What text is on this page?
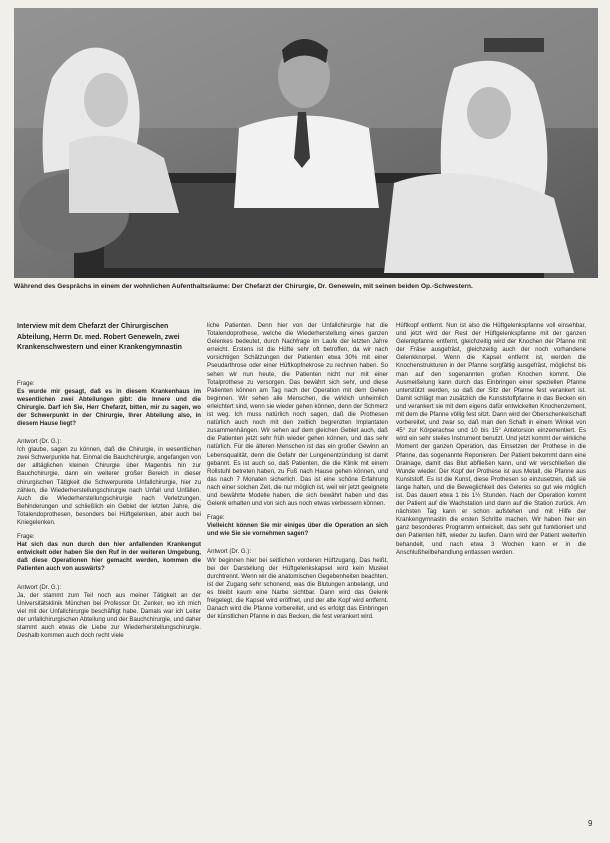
Während des Gesprächs in einem der wohnlichen Aufenthaltsräume: Der Chefarzt der Chirurgie, Dr. Geneweln, mit seinen beiden Op.-Schwestern.

Interview mit dem Chefarzt der Chirurgischen Abteilung, Herrn Dr. med. Robert Geneweln, zwei Krankenschwestern und einer Krankengymnastin

Frage:

Es wurde mir gesagt, daß es in diesem Krankenhaus im wesentlichen zwei Abteilungen gibt: die Innere und die Chirurgie. Darf ich Sie, Herr Chefarzt, bitten, mir zu sagen, wo der Schwerpunkt in der Chirurgie, Ihrer Abteilung also, in diesem Hause liegt?

Antwort (Dr. G.):

Ich glaube, sagen zu können, daß die Chirurgie, in wesentlichen zwei Schwerpunkte hat. Einmal die Bauchchirurgie, angefangen von der alltäglichen kleinen Chirurgie über Magenbis hin zur Bauchchirurgie, dann ein weiterer großer Bereich in dieser chirurgischen Tätigkeit die Schwerpunkte Unfallchirurgie, hier zu zählen, die Wiederherstellungschirurgie nach Unfall und Unfällen. Auch die Wiederherstellungschirurgie nach Verletzungen, Behinderungen und schließlich ein Gebiet der letzten Jahre, die Totalendoprothesen, besonders bei Hüftgelenken, aber auch bei Kniegelenken.

Frage:

Hat sich das nun durch den hier anfallenden Krankengut entwickelt oder haben Sie den Ruf in der weiteren Umgebung, daß diese Operationen hier gemacht werden, kommen die Patienten auch von auswärts?

Antwort (Dr. G.):

Ja, der stammt zum Teil noch aus meiner Tätigkeit an der Universitätsklinik München bei Professor Dr. Zenker, wo ich mich viel mit der Unfallchirurgie beschäftigt habe. Damals war ich Leiter der unfallchirurgischen Abteilung und der Bauchchirurgie, und daher stammt auch etwas die Liebe zur Wiederherstellungschirurgie. Deshalb kommen auch doch recht viele

liche Patienten. Denn hier von der Unfallchirurgie hat die Totalendoprothese, welche die Wiederherstellung eines ganzen Gelenkes bedeutet, durch Nachfrage im Laufe der letzten Jahre erreicht. Erstens ist die Hüfte sehr oft betroffen, da wir nach vorsichtigen Schätzungen der Patienten etwa 30% mit einer Pseudarthrose oder einer Hüftkopfnekrose zu rechnen haben. So sehen wir nun heute, die Patienten nicht nur mit einer Totalprothese zu versorgen. Das bewährt sich sehr, und diese Patienten können am Tag nach der Operation mit dem Gehen beginnen. Wir sehen alle Menschen, die wirklich unheimlich erleichtert sind, wenn sie wieder gehen können, denn der Schmerz ist weg. Ich muss natürlich noch sagen, daß die Prothesen natürlich auch noch mit den zeitlich begrenzten Implantaten zusammenhängen. Wir sehen auf dem gleichen Gebiet auch, daß die Patienten jetzt sehr früh wieder gehen können, und das sehr natürlich. Für die älteren Menschen ist das ein großer Gewinn an Lebensqualität, denn die Gefahr der Lungenentzündung ist damit gebannt. Es ist auch so, daß Patienten, die die Klinik mit einem Rollstuhl betreten haben, zu Fuß nach Hause gehen können, und das nach 7 Monaten sicherlich. Das ist eine schöne Erfahrung nach einer solchen Zeit, die nur möglich ist, weil wir jetzt geeignete und bewährte Modelle haben, die sich bewährt haben und das Gelenk erhalten und von sich aus noch etwas verbessern können.

Frage:

Vielleicht können Sie mir einiges über die Operation an sich und wie Sie sie vornehmen sagen?

Antwort (Dr. G.):

Wir beginnen hier bei seitlichen vorderen Hüftzugang. Das heißt, bei der Darstellung der Hüftgelenkskapsel wird kein Muskel durchtrennt. Wenn wir die anatomischen Gegebenheiten beachten, ist der Zugang sehr schonend, was die Blutungen anbelangt, und es bleibt kaum eine Narbe sichtbar. Dann wird das Gelenk freigelegt, die Kapsel wird eröffnet, und der alte Kopf wird entfernt. Danach wird die Pfanne vorbereitet, und es erfolgt das Einbringen der künstlichen Pfanne in das Becken, die fest verankert wird.

Hüftkopf entfernt. Nun ist also die Hüftgelenkspfanne voll einsehbar, und jetzt wird der Rest der Hüftgelenkspfanne mit der ganzen Gelenkpfanne entfernt, gleichzeitig wird der Knochen der Pfanne mit der Fräse ausgefräst, gleichzeitig auch der noch vorhandene Gelenkknorpel. Wenn die Kapsel entfernt ist, werden die Knochenstrukturen in der Pfanne sorgfältig ausgefräst, möglichst bis man auf den sogenannten großen Knochen kommt. Die Ausmeißelung kann durch das Einbringen einer speziellen Pfanne unterstützt werden, so daß der Sitz der Pfanne fest verankert ist. Damit schlägt man zusätzlich die Kunststoffpfanne in das Becken ein und verankert sie mit dem eigens dafür entwickelten Knochenzement, mit dem die Pfanne völlig fest sitzt. Dann wird der Oberschenkelschaft vorbereitet, und zwar so, daß man den Schaft in einem Winkel von 45° zur Körperachse und 10 bis 15° Antetorsion einzementiert. Es wird ein sehr steiles Instrument benutzt. Und jetzt kommt der wirkliche Moment der ganzen Operation, das Einsetzen der Prothese in die Pfanne, das sogenannte Reponieren. Der Patient bekommt dann eine Drainage, damit das Blut abfließen kann, und wir verschließen die Wunde wieder. Der Kopf der Prothese ist aus Metall, die Pfanne aus Kunststoff. Es ist die Kunst, diese Prothesen so einzusetzen, daß sie lange halten, und die Beweglichkeit des Gelenks so gut wie möglich ist. Das dauert etwa 1 bis 1½ Stunden. Nach der Operation kommt der Patient auf die Wachstation und dann auf die Station zurück. Am nächsten Tag kann er schon aufstehen und mit Hilfe der Krankengymnastin die ersten Schritte machen. Wir haben hier ein ganz besonderes Programm entwickelt, das sehr gut funktioniert und den Patienten hilft, wieder zu laufen. Dann wird der Patient weiterhin behandelt, und nach etwa 3 Wochen kann er in die Anschlußheilbehandlung entlassen werden.

9
